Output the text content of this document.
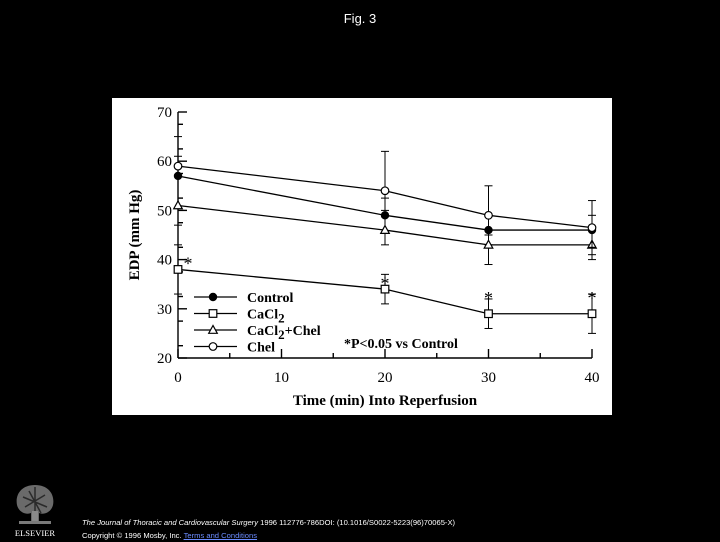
Fig. 3
20
30
40
50
60
70
0	10	20	30	40
Time (min) Into Reperfusion
EDP (mm Hg) *
*
*	*
Control
CaCl2
CaCl2+Chel
Chel	*P<0.05 vs Control
ELSEVIER
The Journal of Thoracic and Cardiovascular Surgery 1996 112776-786DOI: (10.1016/S0022-5223(96)70065-X)
Copyright © 1996 Mosby, Inc. Terms and Conditions
